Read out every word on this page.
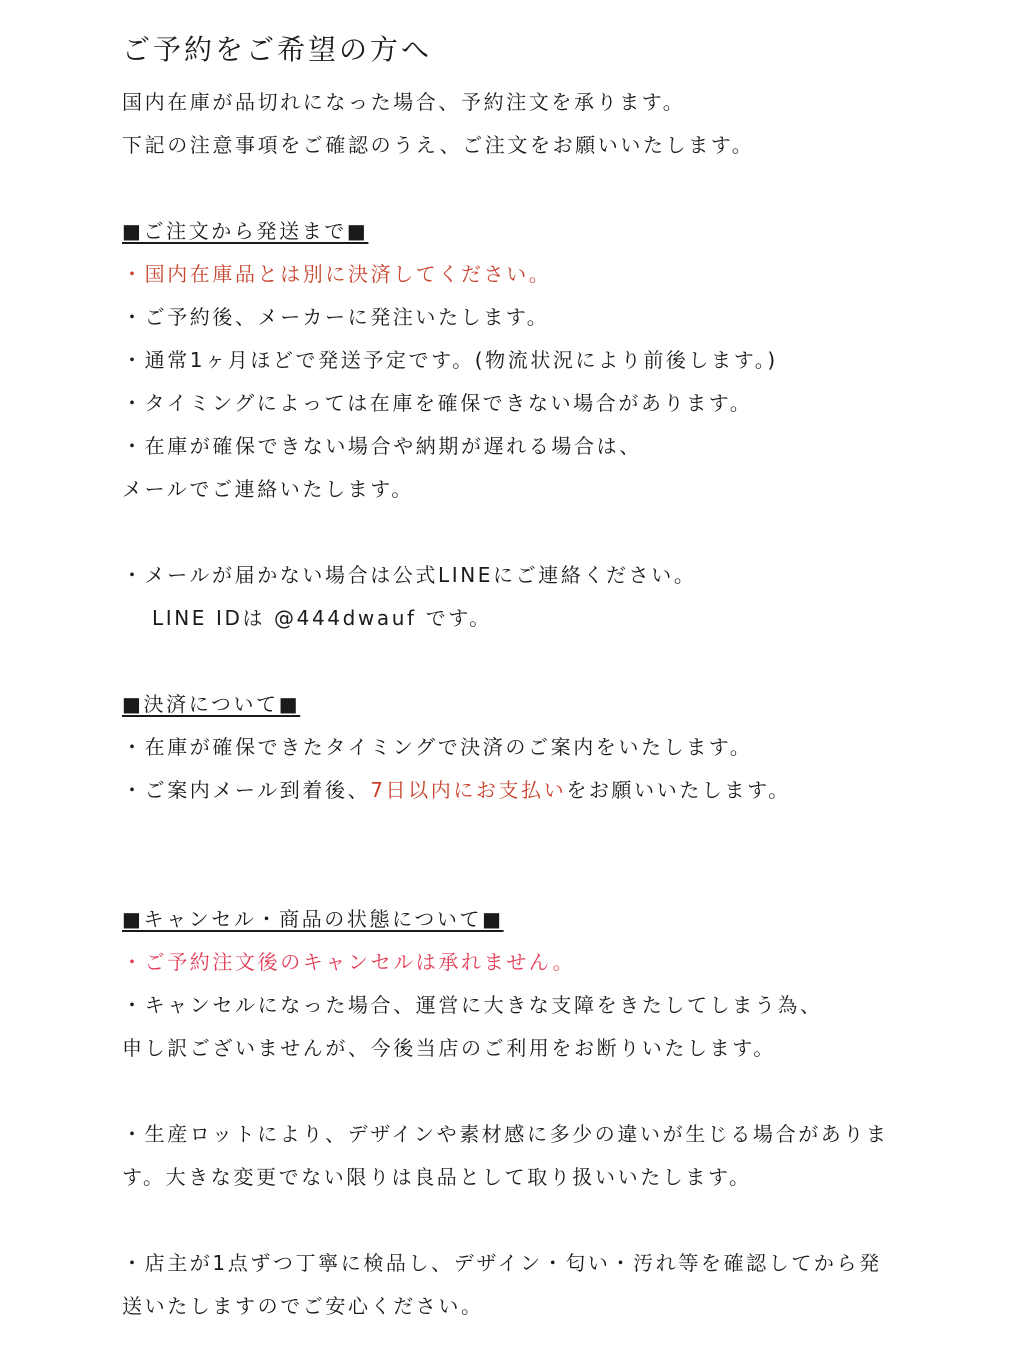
ご予約をご希望の方へ
国内在庫が品切れになった場合、予約注文を承ります。
下記の注意事項をご確認のうえ、ご注文をお願いいたします。
■ご注文から発送まで■
・国内在庫品とは別に決済してください。
・ご予約後、メーカーに発注いたします。
・通常1ヶ月ほどで発送予定です。(物流状況により前後します。)
・タイミングによっては在庫を確保できない場合があります。
・在庫が確保できない場合や納期が遅れる場合は、
メールでご連絡いたします。
・メールが届かない場合は公式LINEにご連絡ください。
LINE IDは @444dwauf です。
■決済について■
・在庫が確保できたタイミングで決済のご案内をいたします。
・ご案内メール到着後、7日以内にお支払いをお願いいたします。
■キャンセル・商品の状態について■
・ご予約注文後のキャンセルは承れません。
・キャンセルになった場合、運営に大きな支障をきたしてしまう為、
申し訳ございませんが、今後当店のご利用をお断りいたします。
・生産ロットにより、デザインや素材感に多少の違いが生じる場合がありま
す。大きな変更でない限りは良品として取り扱いいたします。
・店主が1点ずつ丁寧に検品し、デザイン・匂い・汚れ等を確認してから発
送いたしますのでご安心ください。
